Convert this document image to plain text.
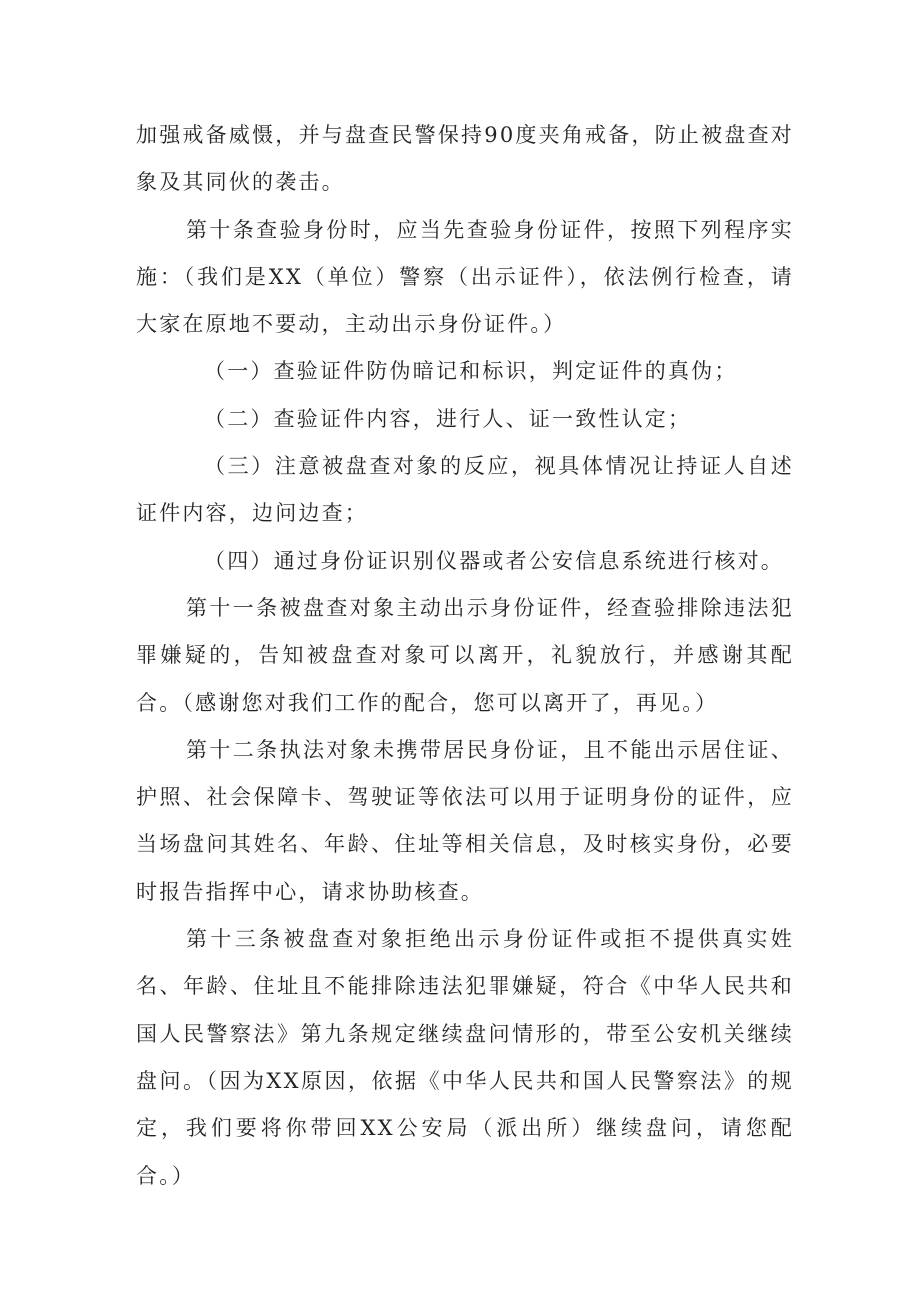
加强戒备威慑，并与盘查民警保持90度夹角戒备，防止被盘查对象及其同伙的袭击。

第十条查验身份时，应当先查验身份证件，按照下列程序实施：（我们是XX（单位）警察（出示证件），依法例行检查，请大家在原地不要动，主动出示身份证件。）

（一）查验证件防伪暗记和标识，判定证件的真伪；

（二）查验证件内容，进行人、证一致性认定；

（三）注意被盘查对象的反应，视具体情况让持证人自述证件内容，边问边查；

（四）通过身份证识别仪器或者公安信息系统进行核对。

第十一条被盘查对象主动出示身份证件，经查验排除违法犯罪嫌疑的，告知被盘查对象可以离开，礼貌放行，并感谢其配合。（感谢您对我们工作的配合，您可以离开了，再见。）

第十二条执法对象未携带居民身份证，且不能出示居住证、护照、社会保障卡、驾驶证等依法可以用于证明身份的证件，应当场盘问其姓名、年龄、住址等相关信息，及时核实身份，必要时报告指挥中心，请求协助核查。

第十三条被盘查对象拒绝出示身份证件或拒不提供真实姓名、年龄、住址且不能排除违法犯罪嫌疑，符合《中华人民共和国人民警察法》第九条规定继续盘问情形的，带至公安机关继续盘问。（因为XX原因，依据《中华人民共和国人民警察法》的规定，我们要将你带回XX公安局（派出所）继续盘问，请您配合。）
